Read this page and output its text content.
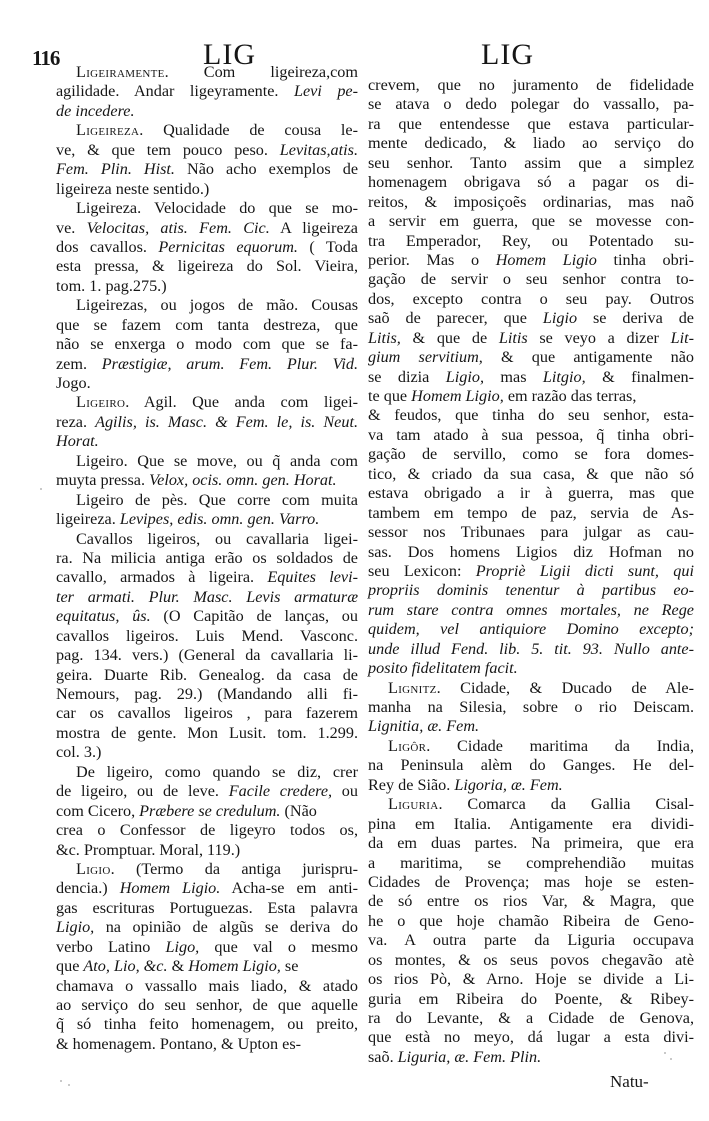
116	LIG	LIG
Ligeiramente. Com ligeireza,com
agilidade. Andar ligeyramente. Levi pe-
de incedere.
Ligeireza. Qualidade de cousa le-
ve, & que tem pouco peso. Levitas,atis.
Fem. Plin. Hist. Não acho exemplos de
ligeireza neste sentido.)
Ligeireza. Velocidade do que se mo-
ve. Velocitas, atis. Fem. Cic. A ligeireza
dos cavallos. Pernicitas equorum. ( Toda
esta pressa, & ligeireza do Sol. Vieira,
tom. 1. pag.275.)
Ligeirezas, ou jogos de mão. Cousas
que se fazem com tanta destreza, que
não se enxerga o modo com que se fa-
zem. Præstigiæ, arum. Fem. Plur. Vid.
Jogo.
Ligeiro. Agil. Que anda com ligei-
reza. Agilis, is. Masc. & Fem. le, is. Neut.
Horat.
Ligeiro. Que se move, ou q̃ anda com
muyta pressa. Velox, ocis. omn. gen. Horat.
Ligeiro de pès. Que corre com muita
ligeireza. Levipes, edis. omn. gen. Varro.
Cavallos ligeiros, ou cavallaria ligei-
ra. Na milicia antiga erão os soldados de
cavallo, armados à ligeira. Equites levi-
ter armati. Plur. Masc. Levis armaturæ
equitatus, ûs. (O Capitão de lanças, ou
cavallos ligeiros. Luis Mend. Vasconc.
pag. 134. vers.) (General da cavallaria li-
geira. Duarte Rib. Genealog. da casa de
Nemours, pag. 29.) (Mandando alli fi-
car os cavallos ligeiros , para fazerem
mostra de gente. Mon Lusit. tom. 1.299.
col. 3.)
De ligeiro, como quando se diz, crer
de ligeiro, ou de leve. Facile credere, ou
com Cicero, Præbere se credulum. (Não
crea o Confessor de ligeyro todos os,
&c. Promptuar. Moral, 119.)
Ligio. (Termo da antiga jurispru-
dencia.) Homem Ligio. Acha-se em anti-
gas escrituras Portuguezas. Esta palavra
Ligio, na opinião de algũs se deriva do
verbo Latino Ligo, que val o mesmo
que Ato, Lio, &c. & Homem Ligio, se
chamava o vassallo mais liado, & atado
ao serviço do seu senhor, de que aquelle
q̃ só tinha feito homenagem, ou preito,
& homenagem. Pontano, & Upton es-
crevem, que no juramento de fidelidade
se atava o dedo polegar do vassallo, pa-
ra que entendesse que estava particular-
mente dedicado, & liado ao serviço do
seu senhor. Tanto assim que a simplez
homenagem obrigava só a pagar os di-
reitos, & imposiçoẽs ordinarias, mas naõ
a servir em guerra, que se movesse con-
tra Emperador, Rey, ou Potentado su-
perior. Mas o Homem Ligio tinha obri-
gação de servir o seu senhor contra to-
dos, excepto contra o seu pay. Outros
saõ de parecer, que Ligio se deriva de
Litis, & que de Litis se veyo a dizer Lit-
gium servitium, & que antigamente não
se dizia Ligio, mas Litgio, & finalmen-
te que Homem Ligio, em razão das terras,
& feudos, que tinha do seu senhor, esta-
va tam atado à sua pessoa, q̃ tinha obri-
gação de servillo, como se fora domes-
tico, & criado da sua casa, & que não só
estava obrigado a ir à guerra, mas que
tambem em tempo de paz, servia de As-
sessor nos Tribunaes para julgar as cau-
sas. Dos homens Ligios diz Hofman no
seu Lexicon: Propriè Ligii dicti sunt, qui
propriis dominis tenentur à partibus eo-
rum stare contra omnes mortales, ne Rege
quidem, vel antiquiore Domino excepto;
unde illud Fend. lib. 5. tit. 93. Nullo ante-
posito fidelitatem facit.
Lignitz. Cidade, & Ducado de Ale-
manha na Silesia, sobre o rio Deiscam.
Lignitia, æ. Fem.
Ligôr. Cidade maritima da India,
na Peninsula alèm do Ganges. He del-
Rey de Sião. Ligoria, æ. Fem.
Liguria. Comarca da Gallia Cisal-
pina em Italia. Antigamente era dividi-
da em duas partes. Na primeira, que era
a maritima, se comprehendião muitas
Cidades de Provença; mas hoje se esten-
de só entre os rios Var, & Magra, que
he o que hoje chamão Ribeira de Geno-
va. A outra parte da Liguria occupava
os montes, & os seus povos chegavão atè
os rios Pò, & Arno. Hoje se divide a Li-
guria em Ribeira do Poente, & Ribey-
ra do Levante, & a Cidade de Genova,
que està no meyo, dá lugar a esta divi-
saõ. Liguria, æ. Fem. Plin.
Natu-
